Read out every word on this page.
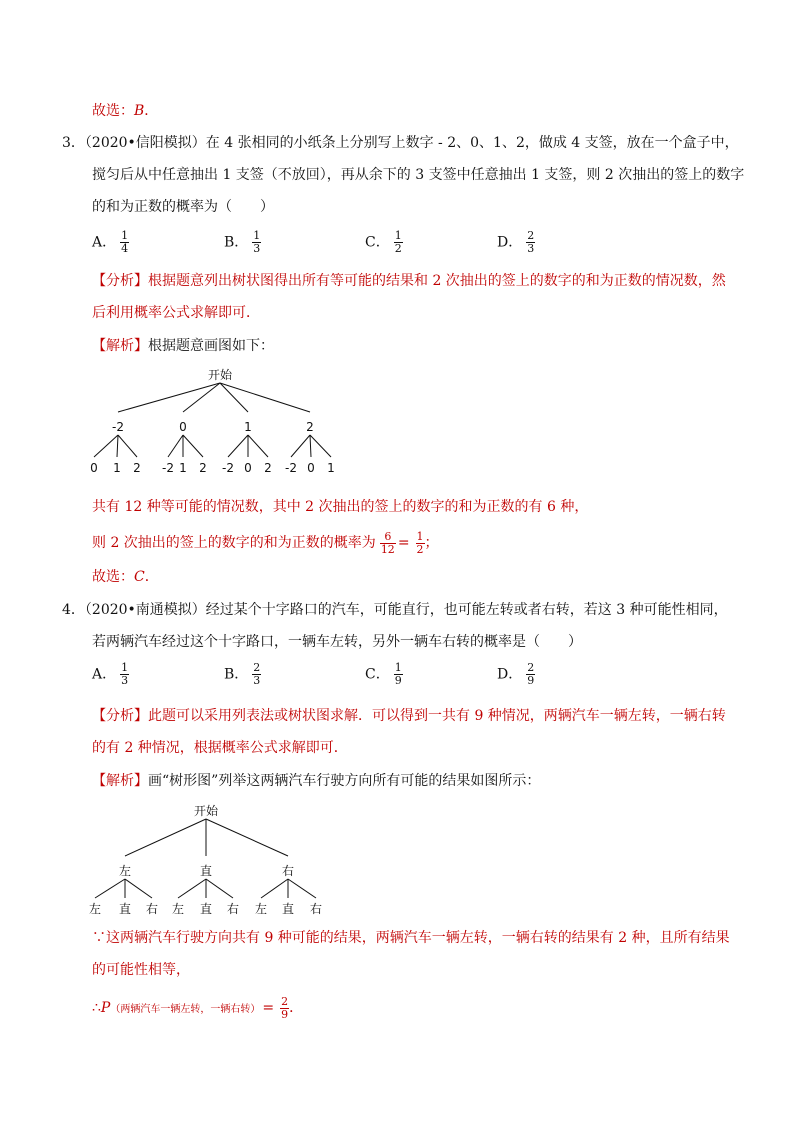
故选：B．
3．（2020•信阳模拟）在 4 张相同的小纸条上分别写上数字 - 2、0、1、2，做成 4 支签，放在一个盒子中，
搅匀后从中任意抽出 1 支签（不放回），再从余下的 3 支签中任意抽出 1 支签，则 2 次抽出的签上的数字
的和为正数的概率为（　　）
A． $\frac{1}{4}$	B． $\frac{1}{3}$	C． $\frac{1}{2}$	D． $\frac{2}{3}$
【分析】根据题意列出树状图得出所有等可能的结果和 2 次抽出的签上的数字的和为正数的情况数，然
后利用概率公式求解即可．
【解析】根据题意画图如下：
开始
-2	0	1	2
0 1 2 -2 1 2 -2 0 2 -2 0 1
共有 12 种等可能的情况数，其中 2 次抽出的签上的数字的和为正数的有 6 种，
则 2 次抽出的签上的数字的和为正数的概率为 $\frac{6}{12} = \frac{1}{2}$ ；
故选：C．
4．（2020•南通模拟）经过某个十字路口的汽车，可能直行，也可能左转或者右转，若这 3 种可能性相同，
若两辆汽车经过这个十字路口，一辆车左转，另外一辆车右转的概率是（　　）
A． $\frac{1}{3}$	B． $\frac{2}{3}$	C． $\frac{1}{9}$	D． $\frac{2}{9}$
【分析】此题可以采用列表法或树状图求解．可以得到一共有 9 种情况，两辆汽车一辆左转，一辆右转
的有 2 种情况，根据概率公式求解即可．
【解析】画“树形图”列举这两辆汽车行驶方向所有可能的结果如图所示：
开始
左	直	右
左 直 右 左 直 右 左 直 右
∵这两辆汽车行驶方向共有 9 种可能的结果，两辆汽车一辆左转，一辆右转的结果有 2 种，且所有结果
的可能性相等，
∴P（两辆汽车一辆左转，一辆右转） = $\frac{2}{9}$ ．
